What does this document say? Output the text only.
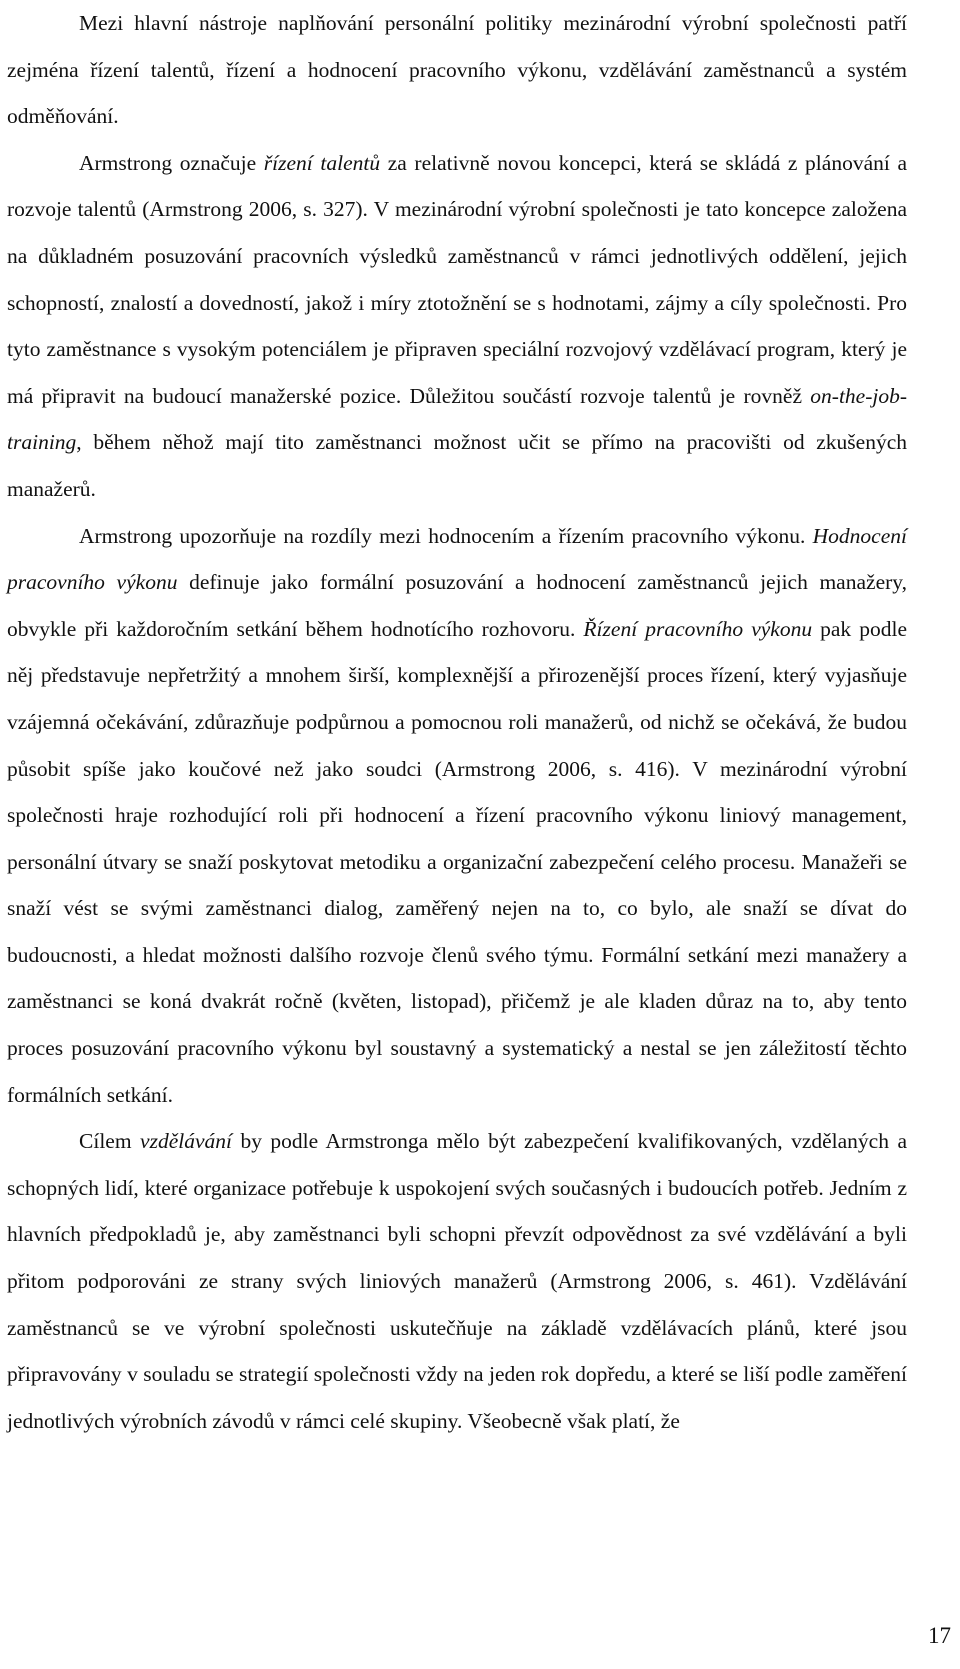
Mezi hlavní nástroje naplňování personální politiky mezinárodní výrobní společnosti patří zejména řízení talentů, řízení a hodnocení pracovního výkonu, vzdělávání zaměstnanců a systém odměňování.

Armstrong označuje řízení talentů za relativně novou koncepci, která se skládá z plánování a rozvoje talentů (Armstrong 2006, s. 327). V mezinárodní výrobní společnosti je tato koncepce založena na důkladném posuzování pracovních výsledků zaměstnanců v rámci jednotlivých oddělení, jejich schopností, znalostí a dovedností, jakož i míry ztotožnění se s hodnotami, zájmy a cíly společnosti. Pro tyto zaměstnance s vysokým potenciálem je připraven speciální rozvojový vzdělávací program, který je má připravit na budoucí manažerské pozice. Důležitou součástí rozvoje talentů je rovněž on-the-job-training, během něhož mají tito zaměstnanci možnost učit se přímo na pracovišti od zkušených manažerů.

Armstrong upozorňuje na rozdíly mezi hodnocením a řízením pracovního výkonu. Hodnocení pracovního výkonu definuje jako formální posuzování a hodnocení zaměstnanců jejich manažery, obvykle při každoročním setkání během hodnotícího rozhovoru. Řízení pracovního výkonu pak podle něj představuje nepřetržitý a mnohem širší, komplexnější a přirozenější proces řízení, který vyjasňuje vzájemná očekávání, zdůrazňuje podpůrnou a pomocnou roli manažerů, od nichž se očekává, že budou působit spíše jako koučové než jako soudci (Armstrong 2006, s. 416). V mezinárodní výrobní společnosti hraje rozhodující roli při hodnocení a řízení pracovního výkonu liniový management, personální útvary se snaží poskytovat metodiku a organizační zabezpečení celého procesu. Manažeři se snaží vést se svými zaměstnanci dialog, zaměřený nejen na to, co bylo, ale snaží se dívat do budoucnosti, a hledat možnosti dalšího rozvoje členů svého týmu. Formální setkání mezi manažery a zaměstnanci se koná dvakrát ročně (květen, listopad), přičemž je ale kladen důraz na to, aby tento proces posuzování pracovního výkonu byl soustavný a systematický a nestal se jen záležitostí těchto formálních setkání.

Cílem vzdělávání by podle Armstronga mělo být zabezpečení kvalifikovaných, vzdělaných a schopných lidí, které organizace potřebuje k uspokojení svých současných i budoucích potřeb. Jedním z hlavních předpokladů je, aby zaměstnanci byli schopni převzít odpovědnost za své vzdělávání a byli přitom podporováni ze strany svých liniových manažerů (Armstrong 2006, s. 461). Vzdělávání zaměstnanců se ve výrobní společnosti uskutečňuje na základě vzdělávacích plánů, které jsou připravovány v souladu se strategií společnosti vždy na jeden rok dopředu, a které se liší podle zaměření jednotlivých výrobních závodů v rámci celé skupiny. Všeobecně však platí, že

17
